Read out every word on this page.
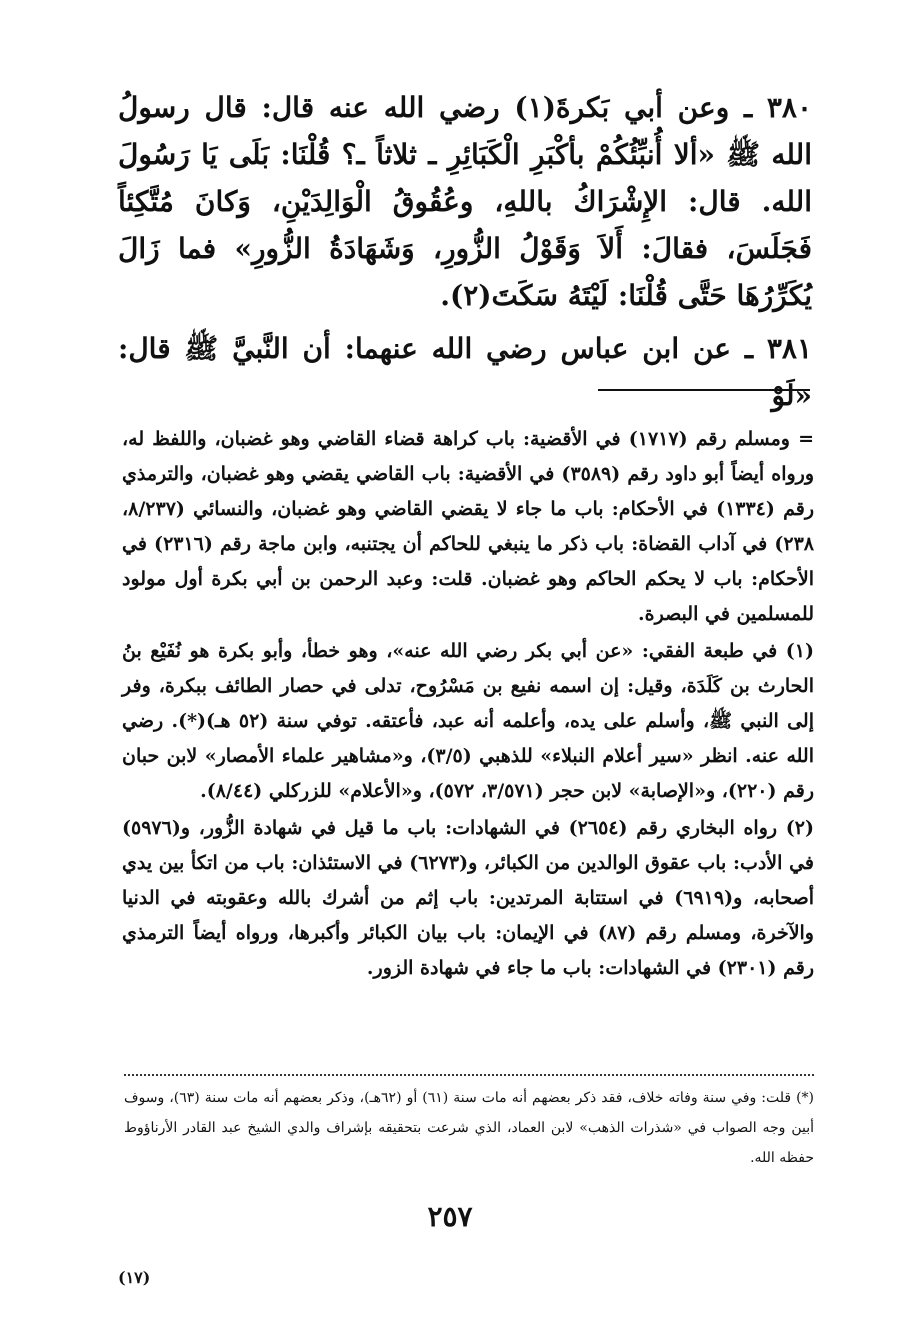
٣٨٠ ـ وعن أبي بَكرةَ(١) رضي الله عنه قال: قال رسولُ الله ﷺ «ألا أُنبِّئُكُمْ بأكْبَرِ الْكَبَائِرِ ـ ثلاثاً ـ؟ قُلْنَا: بَلَى يَا رَسُولَ الله. قال: الإِشْرَاكُ باللهِ، وعُقُوقُ الْوَالِدَيْنِ، وَكانَ مُتَّكِئاً فَجَلَسَ، فقالَ: أَلاَ وَقَوْلُ الزُّورِ، وَشَهَادَةُ الزُّورِ» فما زَالَ يُكَرِّرُهَا حَتَّى قُلْنَا: لَيْتَهُ سَكَتَ(٢).

٣٨١ ـ عن ابن عباس رضي الله عنهما: أن النَّبيَّ ﷺ قال: «لَوْ

= ومسلم رقم (١٧١٧) في الأقضية: باب كراهة قضاء القاضي وهو غضبان، واللفظ له، ورواه أيضاً أبو داود رقم (٣٥٨٩) في الأقضية: باب القاضي يقضي وهو غضبان، والترمذي رقم (١٣٣٤) في الأحكام: باب ما جاء لا يقضي القاضي وهو غضبان، والنسائي (٨/٢٣٧، ٢٣٨) في آداب القضاة: باب ذكر ما ينبغي للحاكم أن يجتنبه، وابن ماجة رقم (٢٣١٦) في الأحكام: باب لا يحكم الحاكم وهو غضبان. قلت: وعبد الرحمن بن أبي بكرة أول مولود للمسلمين في البصرة.

(١) في طبعة الفقي: «عن أبي بكر رضي الله عنه»، وهو خطأ، وأبو بكرة هو نُفَيْع بنُ الحارث بن كَلَدَة، وقيل: إن اسمه نفيع بن مَسْرُوح، تدلى في حصار الطائف ببكرة، وفر إلى النبي ﷺ، وأسلم على يده، وأعلمه أنه عبد، فأعتقه. توفي سنة (٥٢ هـ)(*). رضي الله عنه. انظر «سير أعلام النبلاء» للذهبي (٣/٥)، و«مشاهير علماء الأمصار» لابن حبان رقم (٢٢٠)، و«الإصابة» لابن حجر (٣/٥٧١، ٥٧٢)، و«الأعلام» للزركلي (٨/٤٤).

(٢) رواه البخاري رقم (٢٦٥٤) في الشهادات: باب ما قيل في شهادة الزُّور، و(٥٩٧٦) في الأدب: باب عقوق الوالدين من الكبائر، و(٦٢٧٣) في الاستئذان: باب من اتكأ بين يدي أصحابه، و(٦٩١٩) في استتابة المرتدين: باب إثم من أشرك بالله وعقوبته في الدنيا والآخرة، ومسلم رقم (٨٧) في الإيمان: باب بيان الكبائر وأكبرها، ورواه أيضاً الترمذي رقم (٢٣٠١) في الشهادات: باب ما جاء في شهادة الزور.

(*) قلت: وفي سنة وفاته خلاف، فقد ذكر بعضهم أنه مات سنة (٦١) أو (٦٢هـ)، وذكر بعضهم أنه مات سنة (٦٣)، وسوف أبين وجه الصواب في «شذرات الذهب» لابن العماد، الذي شرعت بتحقيقه بإشراف والدي الشيخ عبد القادر الأرناؤوط حفظه الله.

٢٥٧
(١٧)
